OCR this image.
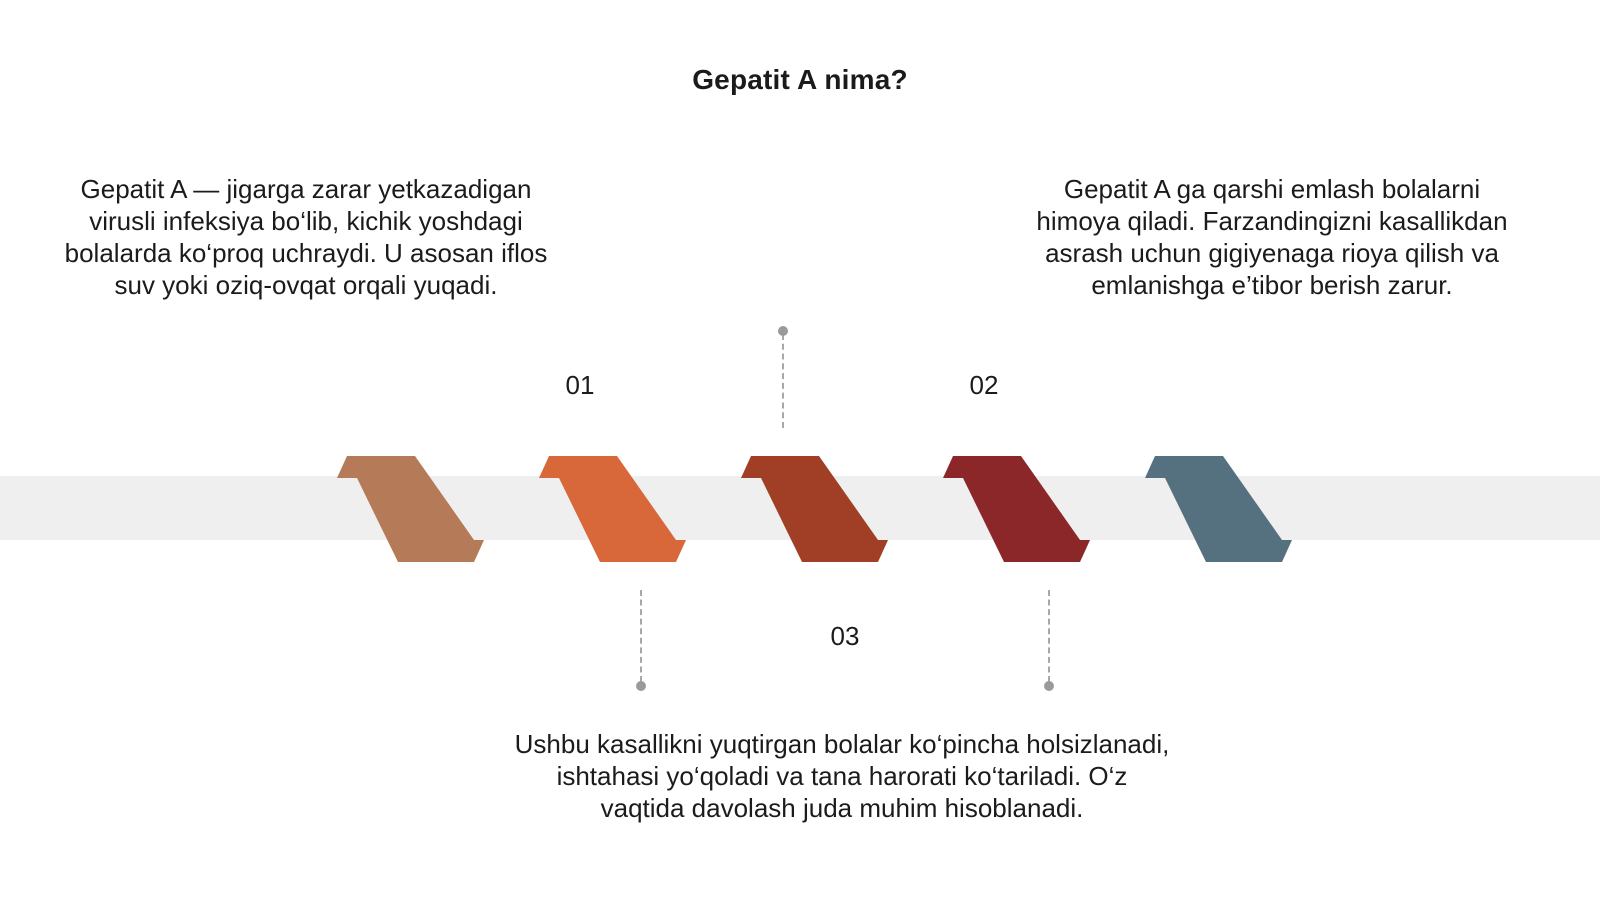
Gepatit A nima?
Gepatit A — jigarga zarar yetkazadigan virusli infeksiya bo‘lib, kichik yoshdagi bolalarda ko‘proq uchraydi. U asosan iflos suv yoki oziq-ovqat orqali yuqadi.
Gepatit A ga qarshi emlash bolalarni himoya qiladi. Farzandingizni kasallikdan asrash uchun gigiyenaga rioya qilish va emlanishga e’tibor berish zarur.
Ushbu kasallikni yuqtirgan bolalar ko‘pincha holsizlanadi, ishtahasi yo‘qoladi va tana harorati ko‘tariladi. O‘z vaqtida davolash juda muhim hisoblanadi.
01	02
03
